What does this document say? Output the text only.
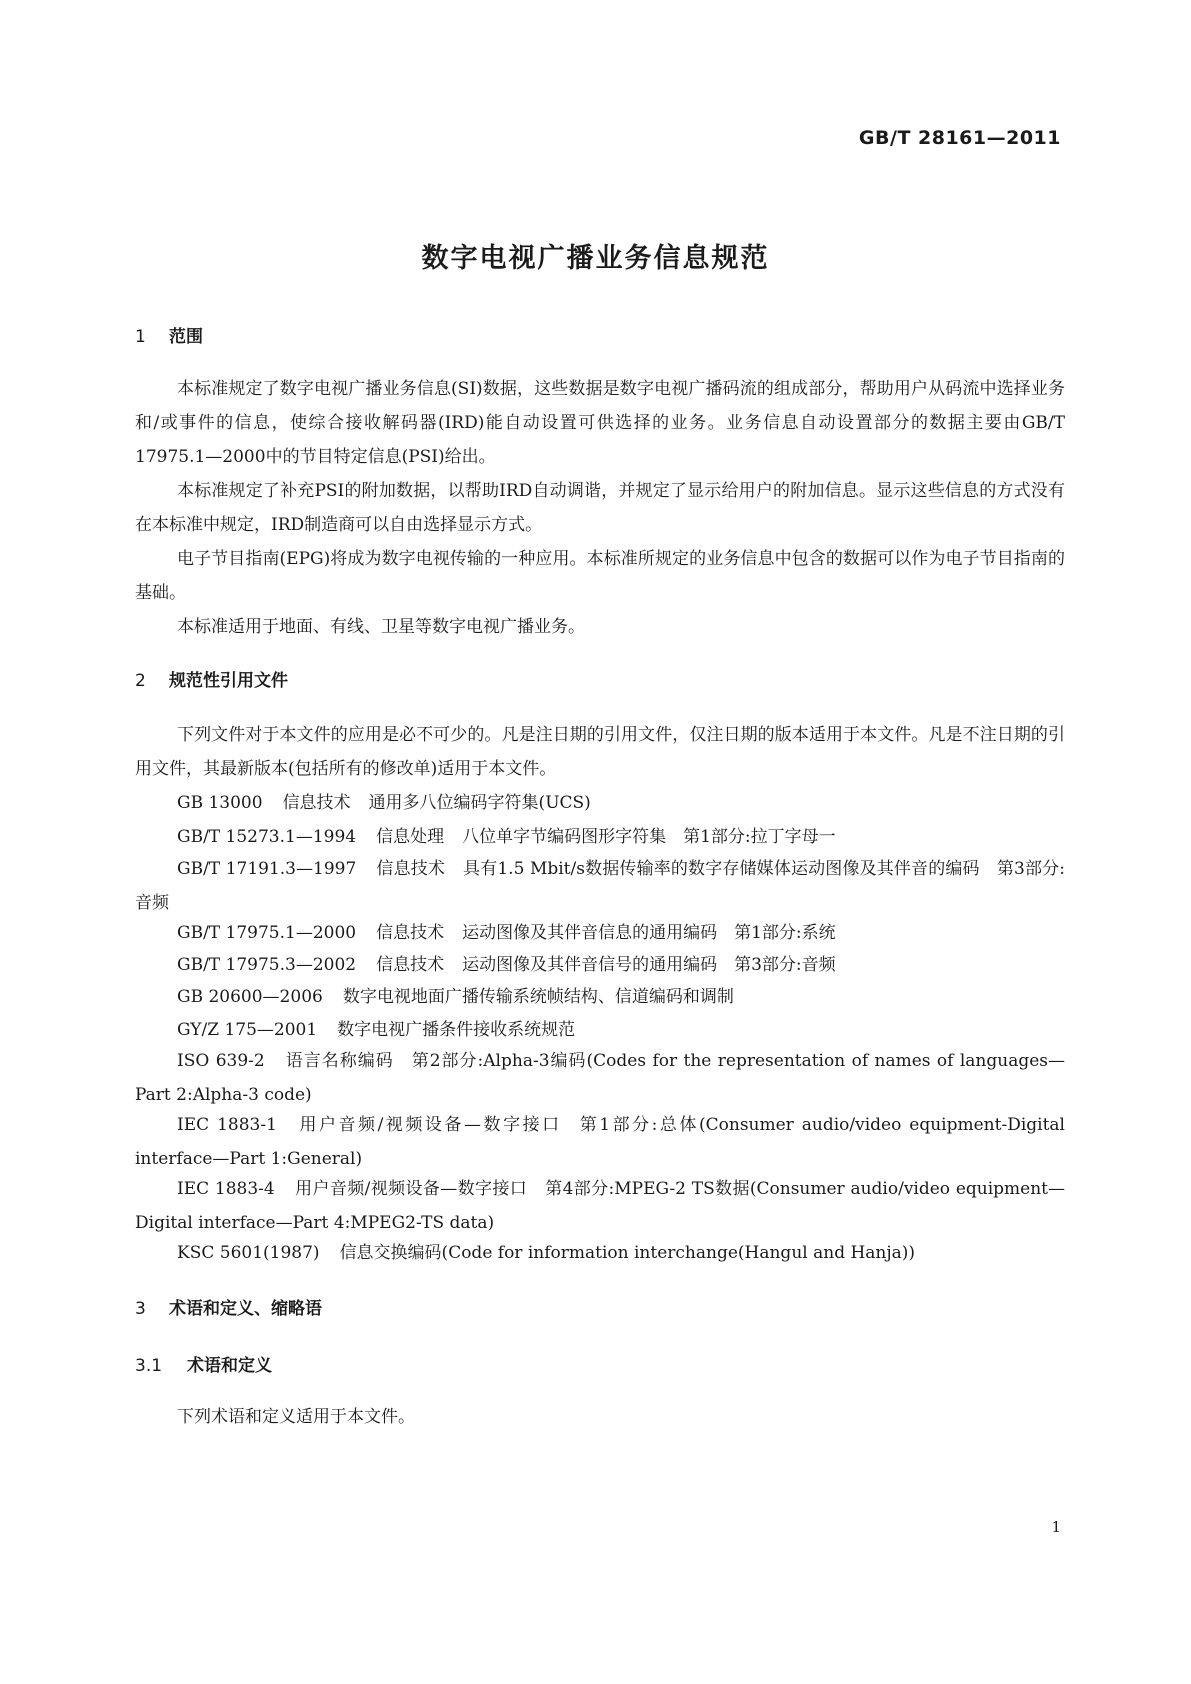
GB/T 28161—2011
数字电视广播业务信息规范
1 范围
本标准规定了数字电视广播业务信息(SI)数据，这些数据是数字电视广播码流的组成部分，帮助用户从码流中选择业务和/或事件的信息，使综合接收解码器(IRD)能自动设置可供选择的业务。业务信息自动设置部分的数据主要由GB/T 17975.1—2000中的节目特定信息(PSI)给出。
本标准规定了补充PSI的附加数据，以帮助IRD自动调谐，并规定了显示给用户的附加信息。显示这些信息的方式没有在本标准中规定，IRD制造商可以自由选择显示方式。
电子节目指南(EPG)将成为数字电视传输的一种应用。本标准所规定的业务信息中包含的数据可以作为电子节目指南的基础。
本标准适用于地面、有线、卫星等数字电视广播业务。
2 规范性引用文件
下列文件对于本文件的应用是必不可少的。凡是注日期的引用文件，仅注日期的版本适用于本文件。凡是不注日期的引用文件，其最新版本(包括所有的修改单)适用于本文件。
GB 13000 信息技术 通用多八位编码字符集(UCS)
GB/T 15273.1—1994 信息处理 八位单字节编码图形字符集　第1部分:拉丁字母一
GB/T 17191.3—1997 信息技术 具有1.5 Mbit/s数据传输率的数字存储媒体运动图像及其伴音的编码　第3部分:音频
GB/T 17975.1—2000 信息技术 运动图像及其伴音信息的通用编码　第1部分:系统
GB/T 17975.3—2002 信息技术 运动图像及其伴音信号的通用编码　第3部分:音频
GB 20600—2006 数字电视地面广播传输系统帧结构、信道编码和调制
GY/Z 175—2001 数字电视广播条件接收系统规范
ISO 639-2 语言名称编码 第2部分:Alpha-3编码(Codes for the representation of names of languages—Part 2:Alpha-3 code)
IEC 1883-1 用户音频/视频设备—数字接口 第1部分:总体(Consumer audio/video equipment-Digital interface—Part 1:General)
IEC 1883-4 用户音频/视频设备—数字接口 第4部分:MPEG-2 TS数据(Consumer audio/video equipment—Digital interface—Part 4:MPEG2-TS data)
KSC 5601(1987) 信息交换编码(Code for information interchange(Hangul and Hanja))
3 术语和定义、缩略语
3.1 术语和定义
下列术语和定义适用于本文件。
1
